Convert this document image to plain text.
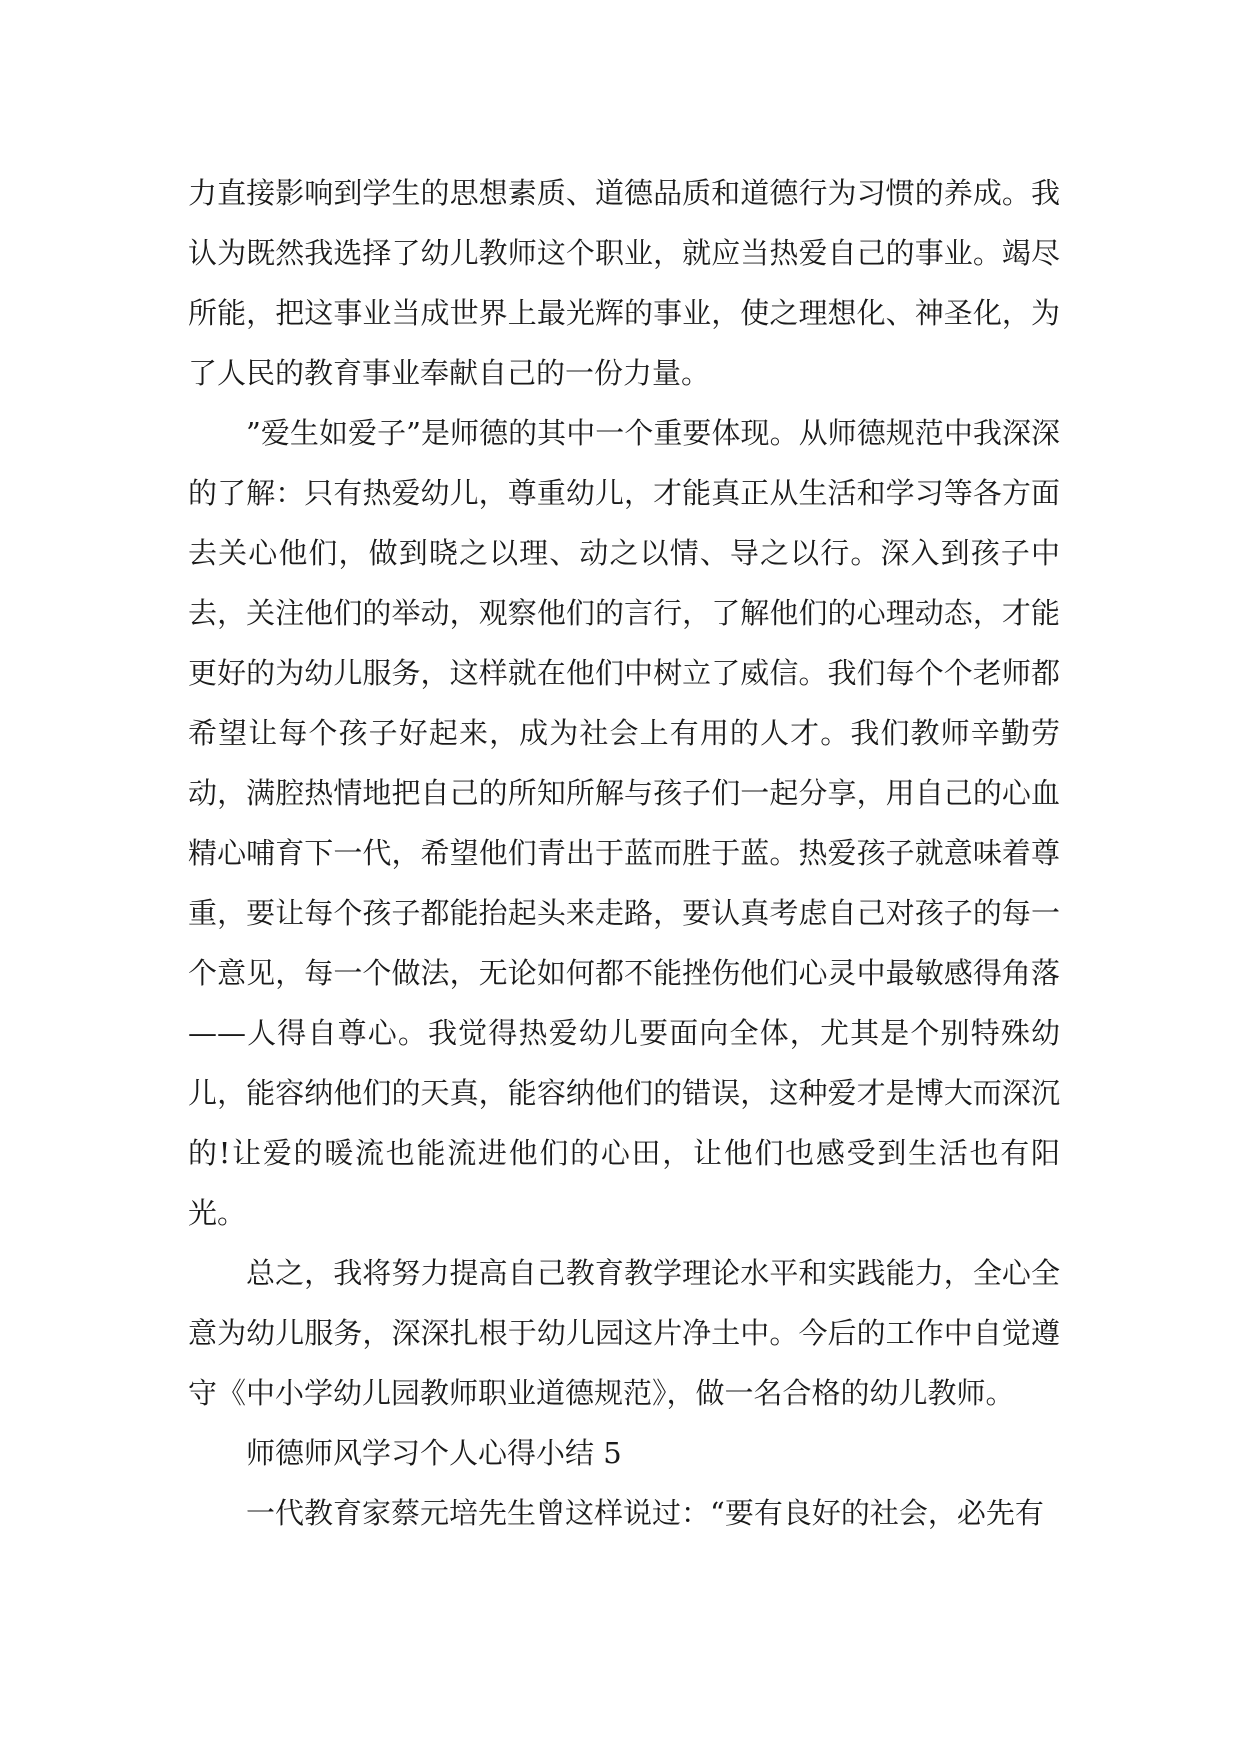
力直接影响到学生的思想素质、道德品质和道德行为习惯的养成。我认为既然我选择了幼儿教师这个职业，就应当热爱自己的事业。竭尽所能，把这事业当成世界上最光辉的事业，使之理想化、神圣化，为了人民的教育事业奉献自己的一份力量。

”爱生如爱子”是师德的其中一个重要体现。从师德规范中我深深的了解：只有热爱幼儿，尊重幼儿，才能真正从生活和学习等各方面去关心他们，做到晓之以理、动之以情、导之以行。深入到孩子中去，关注他们的举动，观察他们的言行，了解他们的心理动态，才能更好的为幼儿服务，这样就在他们中树立了威信。我们每个个老师都希望让每个孩子好起来，成为社会上有用的人才。我们教师辛勤劳动，满腔热情地把自己的所知所解与孩子们一起分享，用自己的心血精心哺育下一代，希望他们青出于蓝而胜于蓝。热爱孩子就意味着尊重，要让每个孩子都能抬起头来走路，要认真考虑自己对孩子的每一个意见，每一个做法，无论如何都不能挫伤他们心灵中最敏感得角落——人得自尊心。我觉得热爱幼儿要面向全体，尤其是个别特殊幼儿，能容纳他们的天真，能容纳他们的错误，这种爱才是博大而深沉的!让爱的暖流也能流进他们的心田，让他们也感受到生活也有阳光。

总之，我将努力提高自己教育教学理论水平和实践能力，全心全意为幼儿服务，深深扎根于幼儿园这片净土中。今后的工作中自觉遵守《中小学幼儿园教师职业道德规范》，做一名合格的幼儿教师。

师德师风学习个人心得小结 5

一代教育家蔡元培先生曾这样说过：“要有良好的社会，必先有
